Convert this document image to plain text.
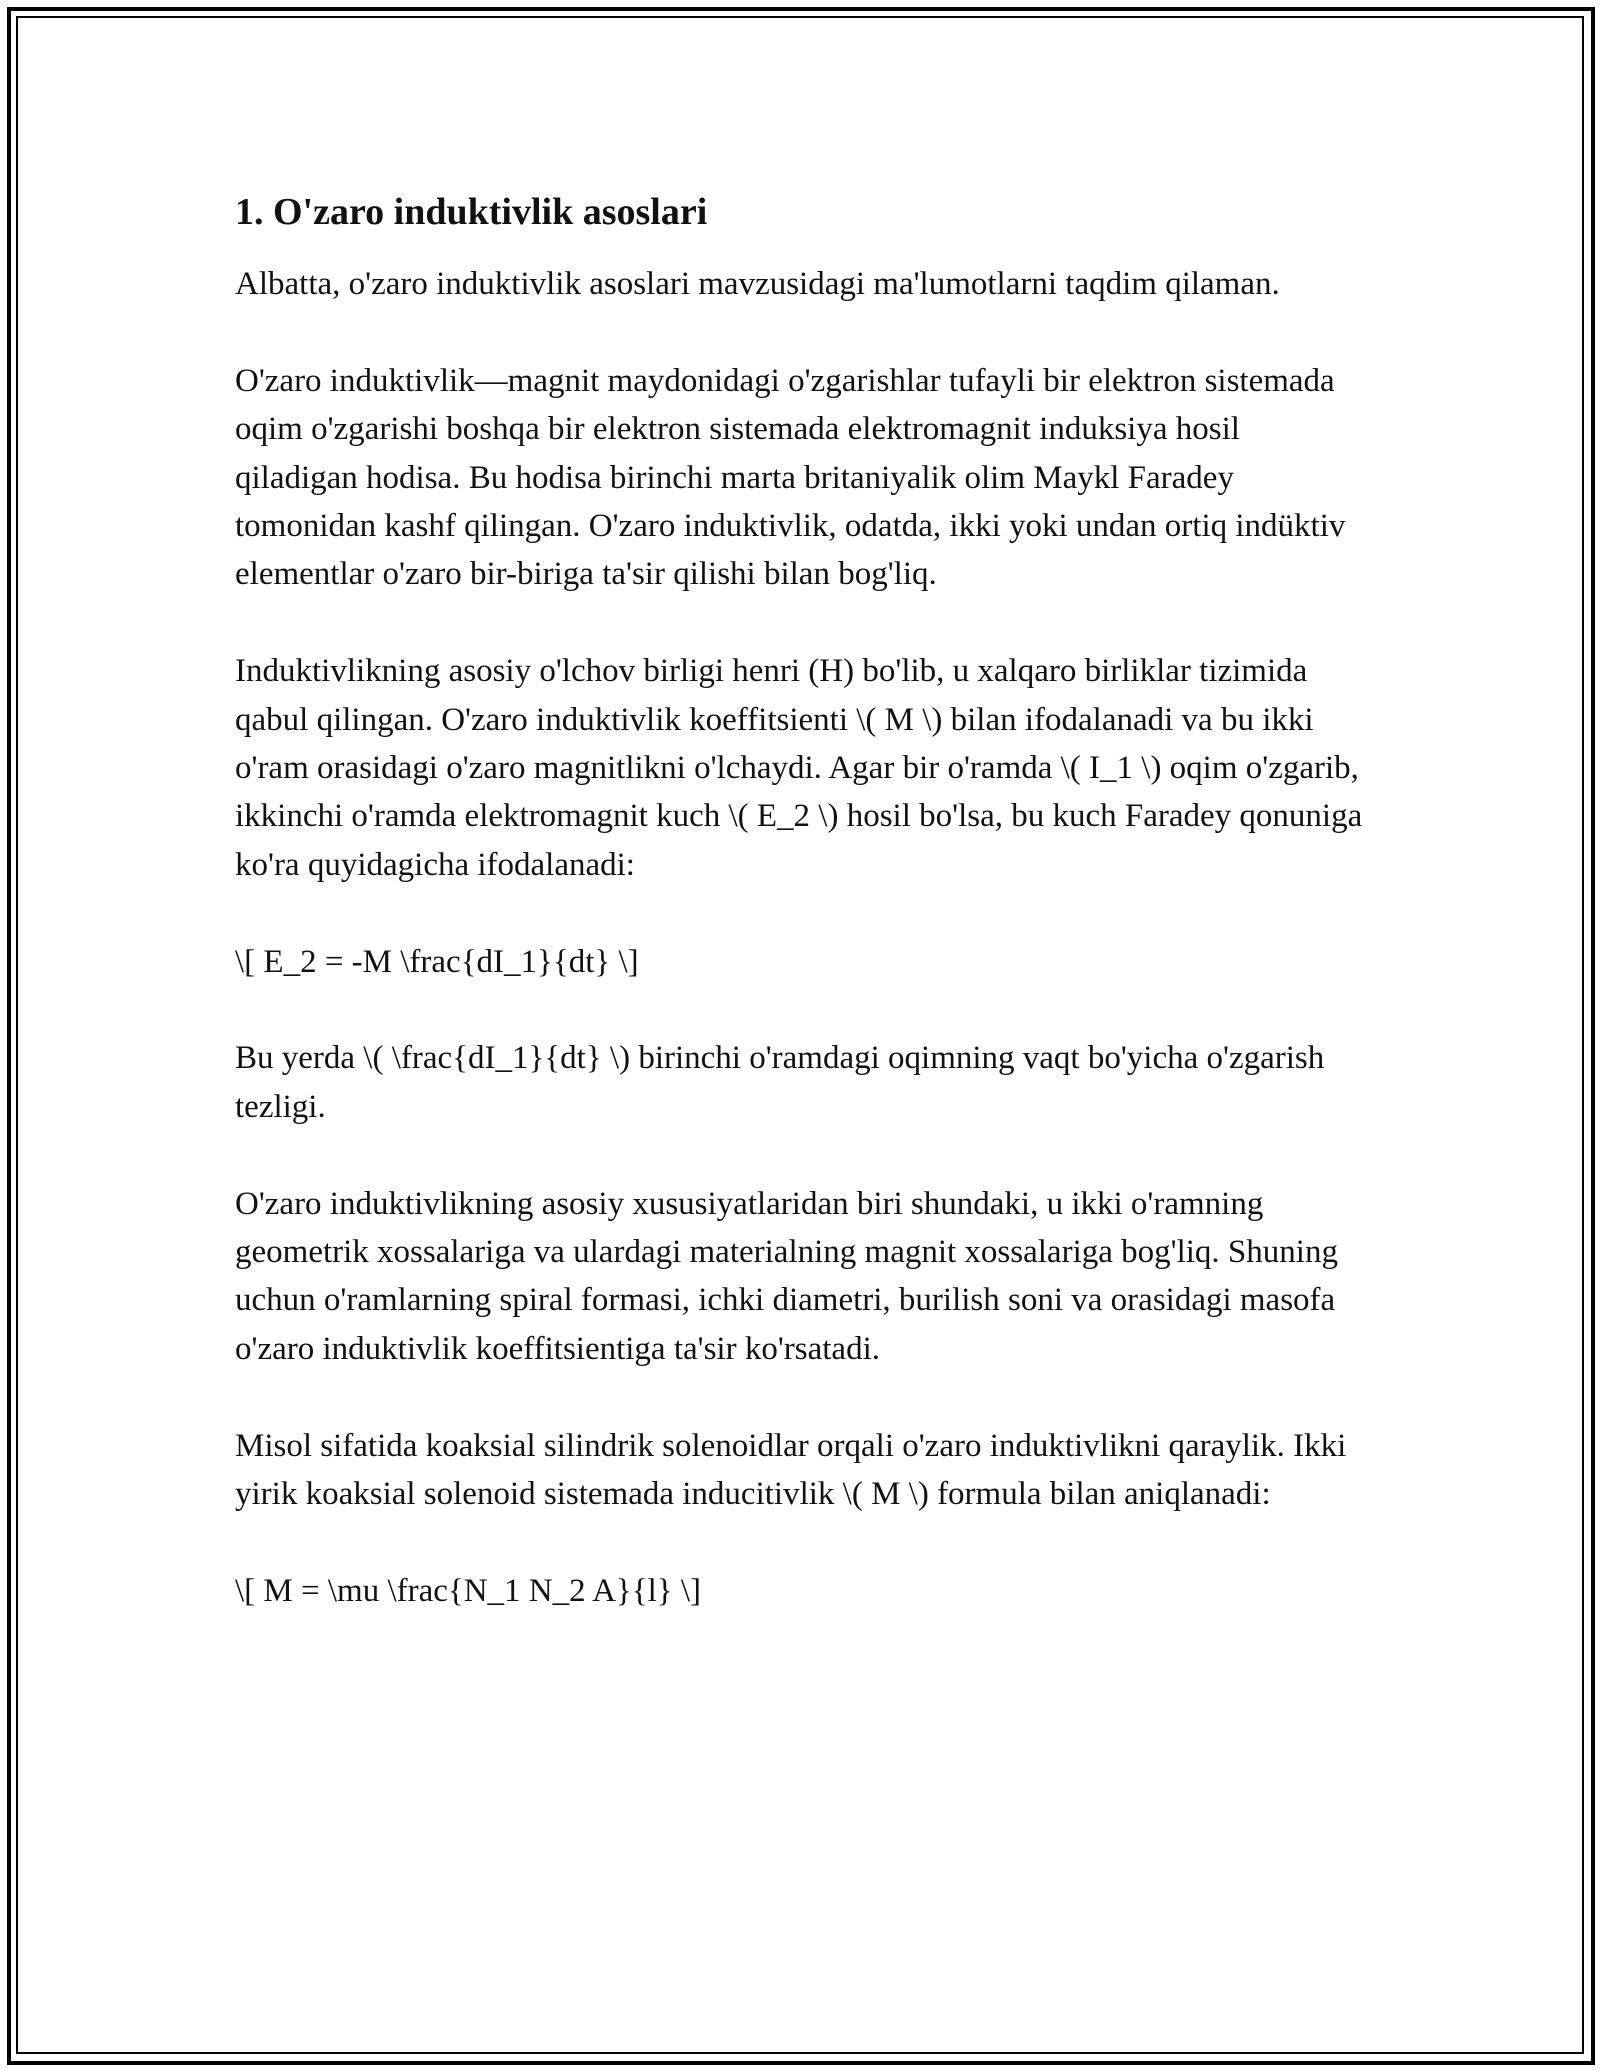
1. O'zaro induktivlik asoslari

Albatta, o'zaro induktivlik asoslari mavzusidagi ma'lumotlarni taqdim qilaman.

O'zaro induktivlik—magnit maydonidagi o'zgarishlar tufayli bir elektron sistemada oqim o'zgarishi boshqa bir elektron sistemada elektromagnit induksiya hosil qiladigan hodisa. Bu hodisa birinchi marta britaniyalik olim Maykl Faradey tomonidan kashf qilingan. O'zaro induktivlik, odatda, ikki yoki undan ortiq indüktiv elementlar o'zaro bir-biriga ta'sir qilishi bilan bog'liq.

Induktivlikning asosiy o'lchov birligi henri (H) bo'lib, u xalqaro birliklar tizimida qabul qilingan. O'zaro induktivlik koeffitsienti \( M \) bilan ifodalanadi va bu ikki o'ram orasidagi o'zaro magnitlikni o'lchaydi. Agar bir o'ramda \( I_1 \) oqim o'zgarib, ikkinchi o'ramda elektromagnit kuch \( E_2 \) hosil bo'lsa, bu kuch Faradey qonuniga ko'ra quyidagicha ifodalanadi:

\[ E_2 = -M \frac{dI_1}{dt} \]

Bu yerda \( \frac{dI_1}{dt} \) birinchi o'ramdagi oqimning vaqt bo'yicha o'zgarish tezligi.

O'zaro induktivlikning asosiy xususiyatlaridan biri shundaki, u ikki o'ramning geometrik xossalariga va ulardagi materialning magnit xossalariga bog'liq. Shuning uchun o'ramlarning spiral formasi, ichki diametri, burilish soni va orasidagi masofa o'zaro induktivlik koeffitsientiga ta'sir ko'rsatadi.

Misol sifatida koaksial silindrik solenoidlar orqali o'zaro induktivlikni qaraylik. Ikki yirik koaksial solenoid sistemada inducitivlik \( M \) formula bilan aniqlanadi:

\[ M = \mu \frac{N_1 N_2 A}{l} \]
